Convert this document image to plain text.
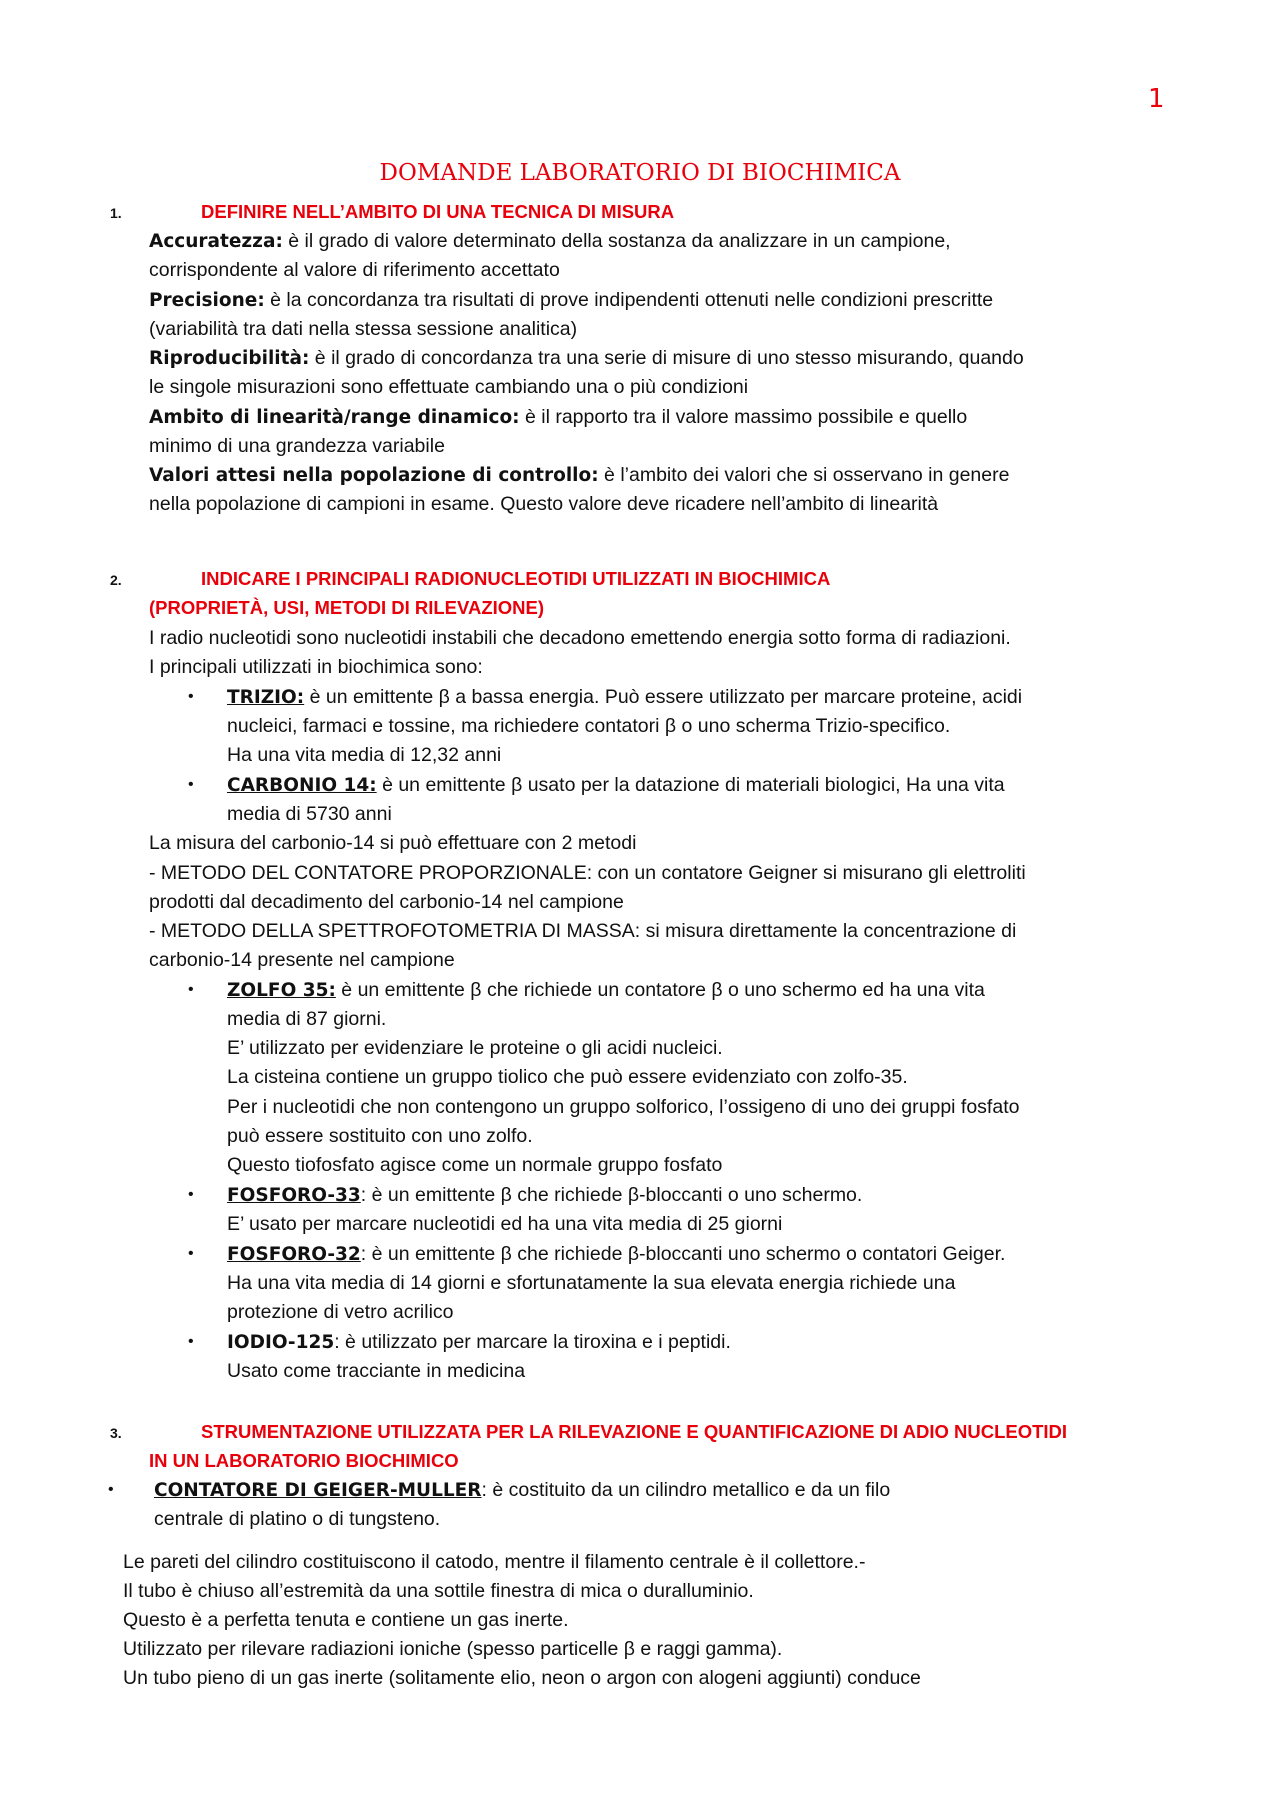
1
DOMANDE LABORATORIO DI BIOCHIMICA
1.	DEFINIRE NELL’AMBITO DI UNA TECNICA DI MISURA
Accuratezza: è il grado di valore determinato della sostanza da analizzare in un campione,
corrispondente al valore di riferimento accettato
Precisione: è la concordanza tra risultati di prove indipendenti ottenuti nelle condizioni prescritte
(variabilità tra dati nella stessa sessione analitica)
Riproducibilità: è il grado di concordanza tra una serie di misure di uno stesso misurando, quando
le singole misurazioni sono effettuate cambiando una o più condizioni
Ambito di linearità/range dinamico: è il rapporto tra il valore massimo possibile e quello
minimo di una grandezza variabile
Valori attesi nella popolazione di controllo: è l’ambito dei valori che si osservano in genere
nella popolazione di campioni in esame. Questo valore deve ricadere nell’ambito di linearità
2.	INDICARE I PRINCIPALI RADIONUCLEOTIDI UTILIZZATI IN BIOCHIMICA
(PROPRIETÀ, USI, METODI DI RILEVAZIONE)
I radio nucleotidi sono nucleotidi instabili che decadono emettendo energia sotto forma di radiazioni.
I principali utilizzati in biochimica sono:
• TRIZIO: è un emittente β a bassa energia. Può essere utilizzato per marcare proteine, acidi
nucleici, farmaci e tossine, ma richiedere contatori β o uno scherma Trizio-specifico.
Ha una vita media di 12,32 anni
• CARBONIO 14: è un emittente β usato per la datazione di materiali biologici, Ha una vita
media di 5730 anni
La misura del carbonio-14 si può effettuare con 2 metodi
- METODO DEL CONTATORE PROPORZIONALE: con un contatore Geigner si misurano gli elettroliti
prodotti dal decadimento del carbonio-14 nel campione
- METODO DELLA SPETTROFOTOMETRIA DI MASSA: si misura direttamente la concentrazione di
carbonio-14 presente nel campione
• ZOLFO 35: è un emittente β che richiede un contatore β o uno schermo ed ha una vita
media di 87 giorni.
E’ utilizzato per evidenziare le proteine o gli acidi nucleici.
La cisteina contiene un gruppo tiolico che può essere evidenziato con zolfo-35.
Per i nucleotidi che non contengono un gruppo solforico, l’ossigeno di uno dei gruppi fosfato
può essere sostituito con uno zolfo.
Questo tiofosfato agisce come un normale gruppo fosfato
• FOSFORO-33: è un emittente β che richiede β-bloccanti o uno schermo.
E’ usato per marcare nucleotidi ed ha una vita media di 25 giorni
• FOSFORO-32: è un emittente β che richiede β-bloccanti uno schermo o contatori Geiger.
Ha una vita media di 14 giorni e sfortunatamente la sua elevata energia richiede una
protezione di vetro acrilico
• IODIO-125: è utilizzato per marcare la tiroxina e i peptidi.
Usato come tracciante in medicina
3.	STRUMENTAZIONE UTILIZZATA PER LA RILEVAZIONE E QUANTIFICAZIONE DI ADIO NUCLEOTIDI
IN UN LABORATORIO BIOCHIMICO
• CONTATORE DI GEIGER-MULLER: è costituito da un cilindro metallico e da un filo
centrale di platino o di tungsteno.
Le pareti del cilindro costituiscono il catodo, mentre il filamento centrale è il collettore.-
Il tubo è chiuso all’estremità da una sottile finestra di mica o duralluminio.
Questo è a perfetta tenuta e contiene un gas inerte.
Utilizzato per rilevare radiazioni ioniche (spesso particelle β e raggi gamma).
Un tubo pieno di un gas inerte (solitamente elio, neon o argon con alogeni aggiunti) conduce
